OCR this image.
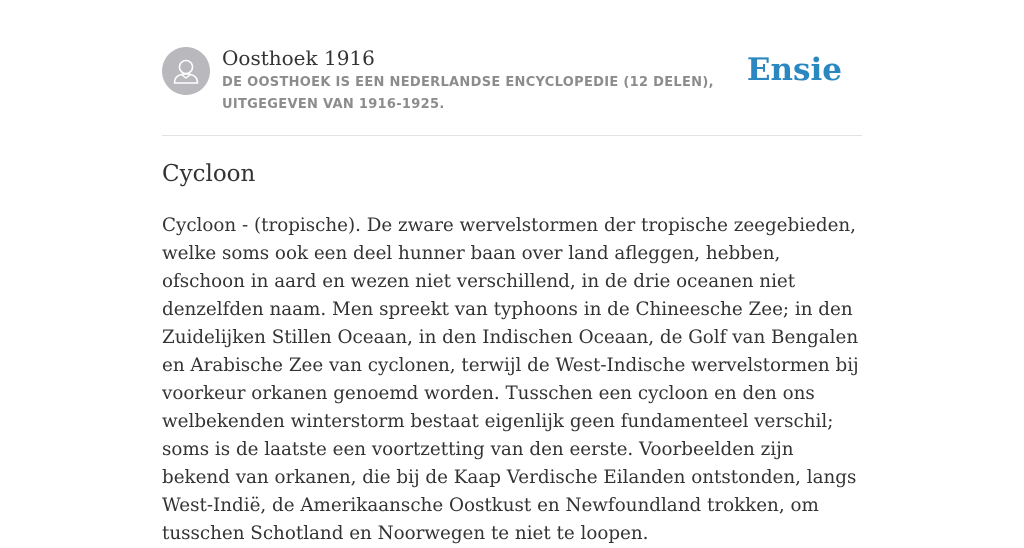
Oosthoek 1916
DE OOSTHOEK IS EEN NEDERLANDSE ENCYCLOPEDIE (12 DELEN), UITGEGEVEN VAN 1916-1925.
Ensie
Cycloon

Cycloon - (tropische). De zware wervelstormen der tropische zeegebieden, welke soms ook een deel hunner baan over land afleggen, hebben, ofschoon in aard en wezen niet verschillend, in de drie oceanen niet denzelfden naam. Men spreekt van typhoons in de Chineesche Zee; in den Zuidelijken Stillen Oceaan, in den Indischen Oceaan, de Golf van Bengalen en Arabische Zee van cyclonen, terwijl de West-Indische wervelstormen bij voorkeur orkanen genoemd worden. Tusschen een cycloon en den ons welbekenden winterstorm bestaat eigenlijk geen fundamenteel verschil; soms is de laatste een voortzetting van den eerste. Voorbeelden zijn bekend van orkanen, die bij de Kaap Verdische Eilanden ontstonden, langs West-Indië, de Amerikaansche Oostkust en Newfoundland trokken, om tusschen Schotland en Noorwegen te niet te loopen.
